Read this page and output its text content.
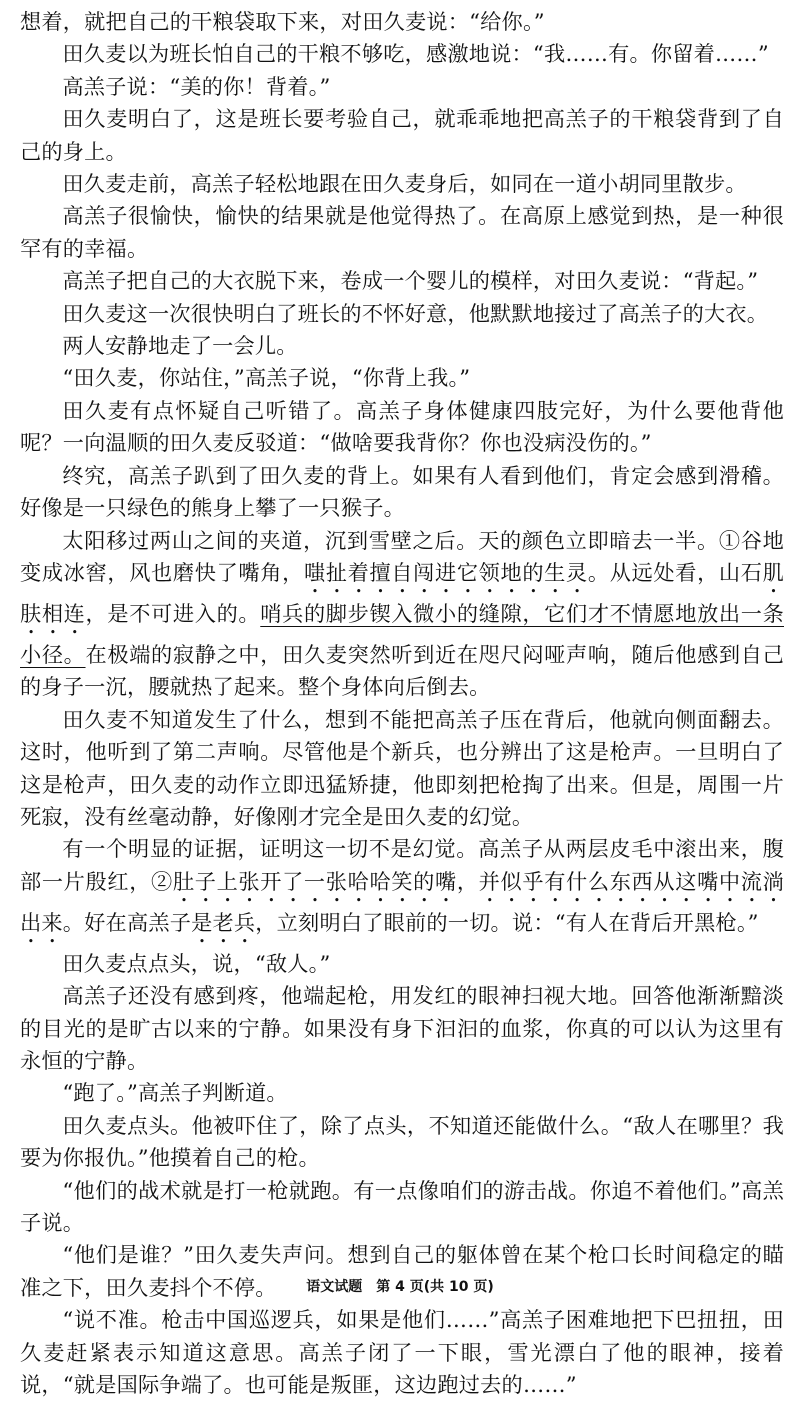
想着，就把自己的干粮袋取下来，对田久麦说：“给你。”

田久麦以为班长怕自己的干粮不够吃，感激地说：“我……有。你留着……”

高羔子说：“美的你！背着。”

田久麦明白了，这是班长要考验自己，就乖乖地把高羔子的干粮袋背到了自己的身上。

田久麦走前，高羔子轻松地跟在田久麦身后，如同在一道小胡同里散步。

高羔子很愉快，愉快的结果就是他觉得热了。在高原上感觉到热，是一种很罕有的幸福。

高羔子把自己的大衣脱下来，卷成一个婴儿的模样，对田久麦说：“背起。”

田久麦这一次很快明白了班长的不怀好意，他默默地接过了高羔子的大衣。

两人安静地走了一会儿。

“田久麦，你站住，”高羔子说，“你背上我。”

田久麦有点怀疑自己听错了。高羔子身体健康四肢完好，为什么要他背他呢？一向温顺的田久麦反驳道：“做啥要我背你？你也没病没伤的。”

终究，高羔子趴到了田久麦的背上。如果有人看到他们，肯定会感到滑稽。好像是一只绿色的熊身上攀了一只猴子。

太阳移过两山之间的夹道，沉到雪壁之后。天的颜色立即暗去一半。①谷地变成冰窖，风也磨快了嘴角，嗤扯着擅自闯进它领地的生灵。从远处看，山石肌肤相连，是不可进入的。哨兵的脚步锲入微小的缝隙，它们才不情愿地放出一条小径。在极端的寂静之中，田久麦突然听到近在咫尺闷哑声响，随后他感到自己的身子一沉，腰就热了起来。整个身体向后倒去。

田久麦不知道发生了什么，想到不能把高羔子压在背后，他就向侧面翻去。这时，他听到了第二声响。尽管他是个新兵，也分辨出了这是枪声。一旦明白了这是枪声，田久麦的动作立即迅猛矫捷，他即刻把枪掏了出来。但是，周围一片死寂，没有丝毫动静，好像刚才完全是田久麦的幻觉。

有一个明显的证据，证明这一切不是幻觉。高羔子从两层皮毛中滚出来，腹部一片殷红，②肚子上张开了一张哈哈笑的嘴，并似乎有什么东西从这嘴中流淌出来。好在高羔子是老兵，立刻明白了眼前的一切。说：“有人在背后开黑枪。”

田久麦点点头，说，“敌人。”

高羔子还没有感到疼，他端起枪，用发红的眼神扫视大地。回答他渐渐黯淡的目光的是旷古以来的宁静。如果没有身下汩汩的血浆，你真的可以认为这里有永恒的宁静。

“跑了。”高羔子判断道。

田久麦点头。他被吓住了，除了点头，不知道还能做什么。“敌人在哪里？我要为你报仇。”他摸着自己的枪。

“他们的战术就是打一枪就跑。有一点像咱们的游击战。你追不着他们。”高羔子说。

“他们是谁？”田久麦失声问。想到自己的躯体曾在某个枪口长时间稳定的瞄准之下，田久麦抖个不停。

“说不准。枪击中国巡逻兵，如果是他们……”高羔子困难地把下巴扭扭，田久麦赶紧表示知道这意思。高羔子闭了一下眼，雪光漂白了他的眼神，接着说，“就是国际争端了。也可能是叛匪，这边跑过去的……”

语文试题　第 4 页(共 10 页)
